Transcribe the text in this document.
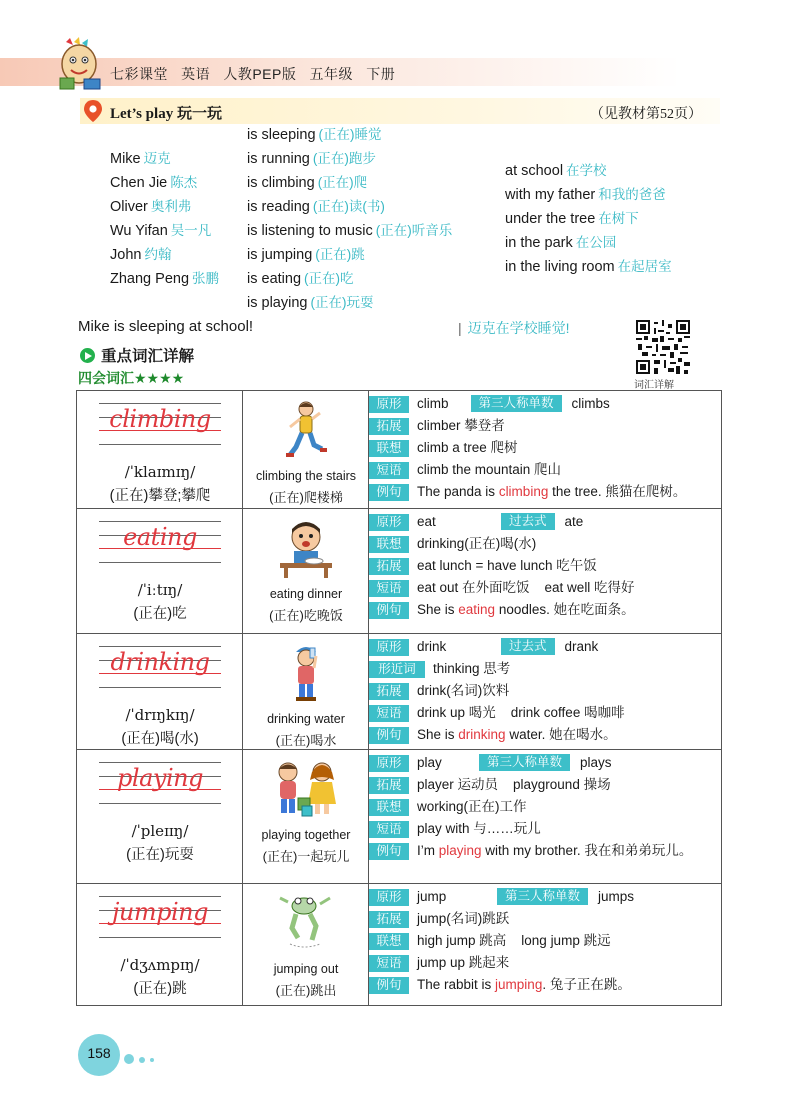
七彩课堂 英语 人教PEP版 五年级 下册
Let’s play 玩一玩	（见教材第52页）
Mike 迈克
Chen Jie 陈杰
Oliver 奥利弗
Wu Yifan 吴一凡
John 约翰
Zhang Peng 张鹏
is sleeping (正在)睡觉
is running (正在)跑步
is climbing (正在)爬
is reading (正在)读(书)
is listening to music (正在)听音乐
is jumping (正在)跳
is eating (正在)吃
is playing (正在)玩耍
at school 在学校
with my father 和我的爸爸
under the tree 在树下
in the park 在公园
in the living room 在起居室
Mike is sleeping at school!	| 迈克在学校睡觉!
词汇详解
重点词汇详解
四会词汇★★★★
climbing
/ˈklaɪmɪŋ/
(正在)攀登;攀爬
climbing the stairs
(正在)爬楼梯
原形	climb	第三人称单数	climbs
拓展	climber 攀登者
联想	climb a tree 爬树
短语	climb the mountain 爬山
例句	The panda is climbing the tree. 熊猫在爬树。
eating
/ˈiːtɪŋ/
(正在)吃
eating dinner
(正在)吃晚饭
原形	eat	过去式	ate
联想	drinking(正在)喝(水)
拓展	eat lunch = have lunch 吃午饭
短语	eat out 在外面吃饭    eat well 吃得好
例句	She is eating noodles. 她在吃面条。
drinking
/ˈdrɪŋkɪŋ/
(正在)喝(水)
drinking water
(正在)喝水
原形	drink	过去式	drank
形近词	thinking 思考
拓展	drink(名词)饮料
短语	drink up 喝光    drink coffee 喝咖啡
例句	She is drinking water. 她在喝水。
playing
/ˈpleɪɪŋ/
(正在)玩耍
playing together
(正在)一起玩儿
原形	play	第三人称单数	plays
拓展	player 运动员    playground 操场
联想	working(正在)工作
短语	play with 与……玩儿
例句	I’m playing with my brother. 我在和弟弟玩儿。
jumping
/ˈdʒʌmpɪŋ/
(正在)跳
jumping out
(正在)跳出
原形	jump	第三人称单数	jumps
拓展	jump(名词)跳跃
联想	high jump 跳高    long jump 跳远
短语	jump up 跳起来
例句	The rabbit is jumping. 兔子正在跳。
158
